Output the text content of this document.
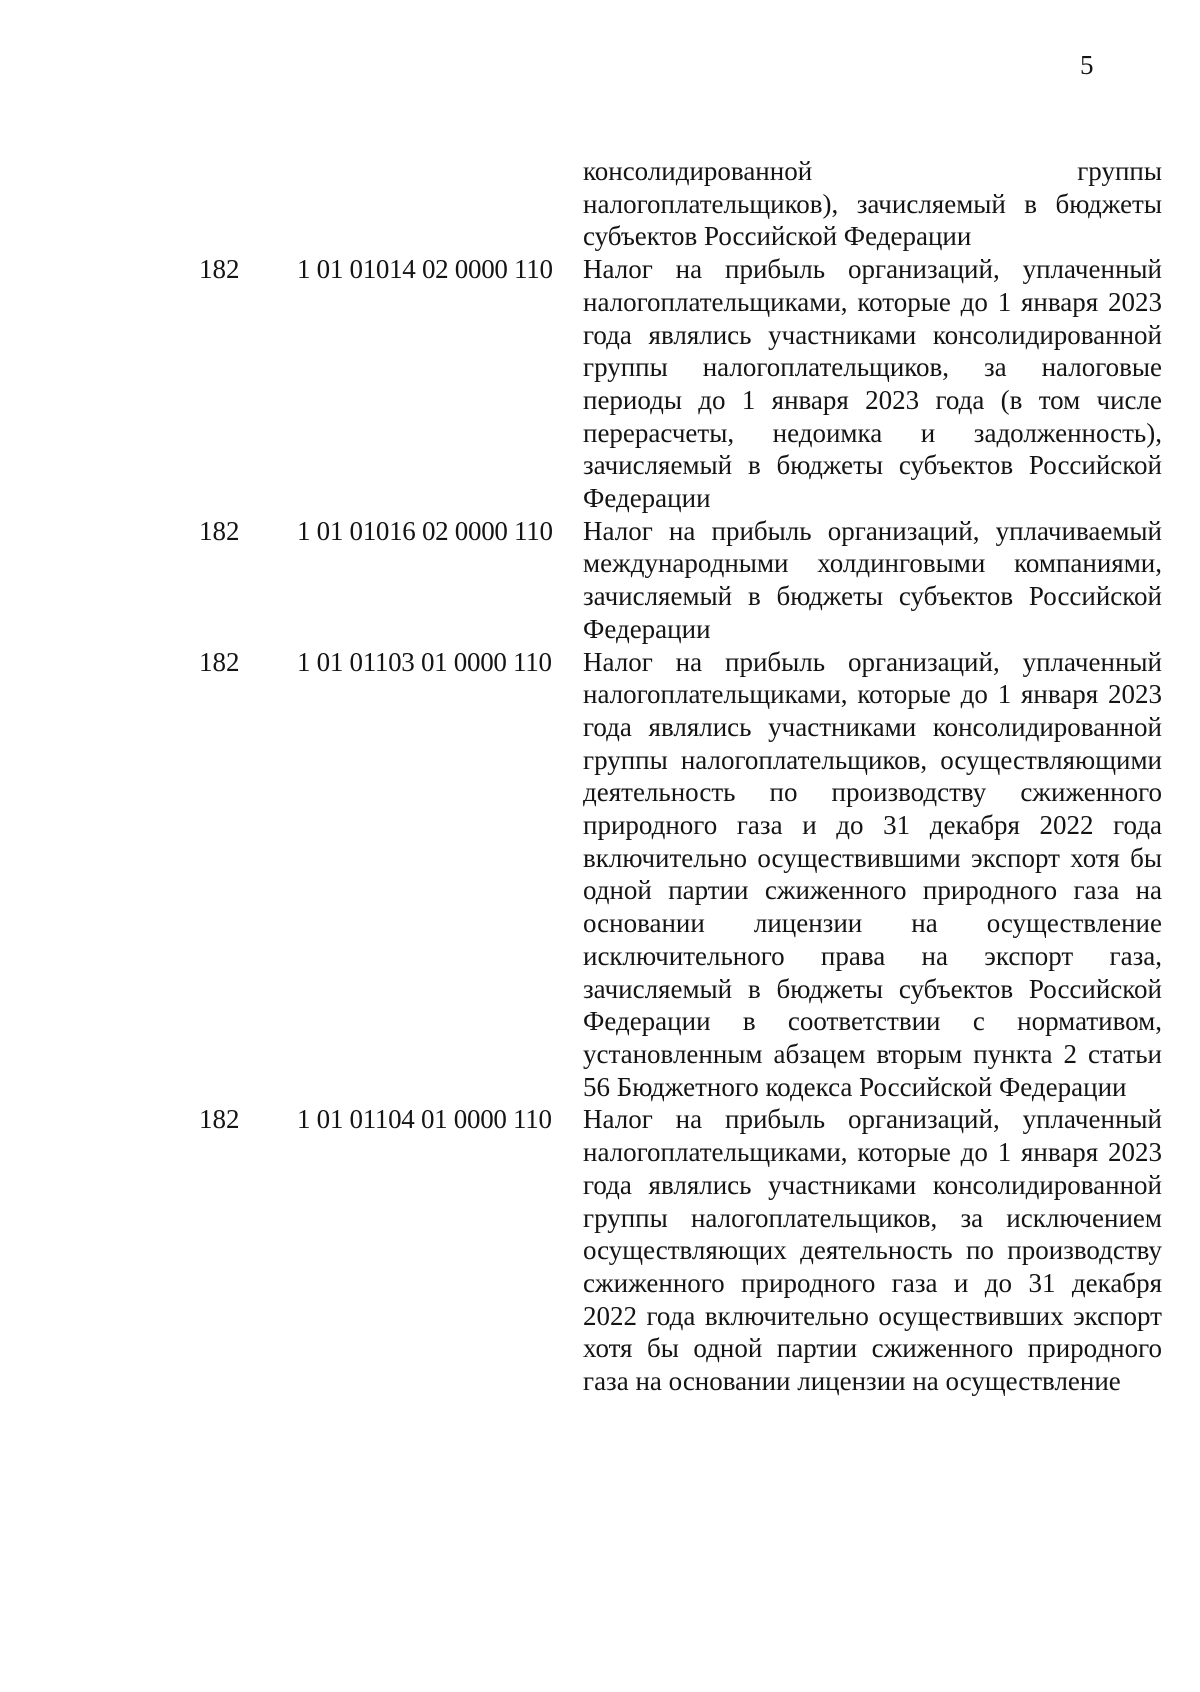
5
консолидированной группы налогоплательщиков), зачисляемый в бюджеты субъектов Российской Федерации
182 1 01 01014 02 0000 110 Налог на прибыль организаций, уплаченный налогоплательщиками, которые до 1 января 2023 года являлись участниками консолидированной группы налогоплательщиков, за налоговые периоды до 1 января 2023 года (в том числе перерасчеты, недоимка и задолженность), зачисляемый в бюджеты субъектов Российской Федерации
182 1 01 01016 02 0000 110 Налог на прибыль организаций, уплачиваемый международными холдинговыми компаниями, зачисляемый в бюджеты субъектов Российской Федерации
182 1 01 01103 01 0000 110 Налог на прибыль организаций, уплаченный налогоплательщиками, которые до 1 января 2023 года являлись участниками консолидированной группы налогоплательщиков, осуществляющими деятельность по производству сжиженного природного газа и до 31 декабря 2022 года включительно осуществившими экспорт хотя бы одной партии сжиженного природного газа на основании лицензии на осуществление исключительного права на экспорт газа, зачисляемый в бюджеты субъектов Российской Федерации в соответствии с нормативом, установленным абзацем вторым пункта 2 статьи 56 Бюджетного кодекса Российской Федерации
182 1 01 01104 01 0000 110 Налог на прибыль организаций, уплаченный налогоплательщиками, которые до 1 января 2023 года являлись участниками консолидированной группы налогоплательщиков, за исключением осуществляющих деятельность по производству сжиженного природного газа и до 31 декабря 2022 года включительно осуществивших экспорт хотя бы одной партии сжиженного природного газа на основании лицензии на осуществление
